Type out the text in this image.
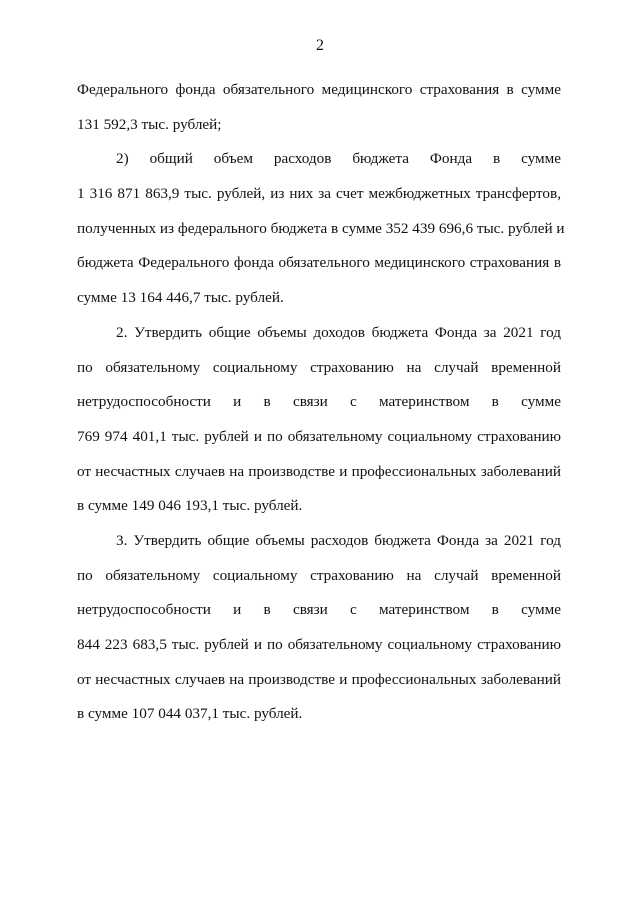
2
Федерального фонда обязательного медицинского страхования в сумме
131 592,3 тыс. рублей;
2) общий объем расходов бюджета Фонда в сумме
1 316 871 863,9 тыс. рублей, из них за счет межбюджетных трансфертов,
полученных из федерального бюджета в сумме 352 439 696,6 тыс. рублей и
бюджета Федерального фонда обязательного медицинского страхования в
сумме 13 164 446,7 тыс. рублей.
2. Утвердить общие объемы доходов бюджета Фонда за 2021 год
по обязательному социальному страхованию на случай временной
нетрудоспособности и в связи с материнством в сумме
769 974 401,1 тыс. рублей и по обязательному социальному страхованию
от несчастных случаев на производстве и профессиональных заболеваний
в сумме 149 046 193,1 тыс. рублей.
3. Утвердить общие объемы расходов бюджета Фонда за 2021 год
по обязательному социальному страхованию на случай временной
нетрудоспособности и в связи с материнством в сумме
844 223 683,5 тыс. рублей и по обязательному социальному страхованию
от несчастных случаев на производстве и профессиональных заболеваний
в сумме 107 044 037,1 тыс. рублей.
